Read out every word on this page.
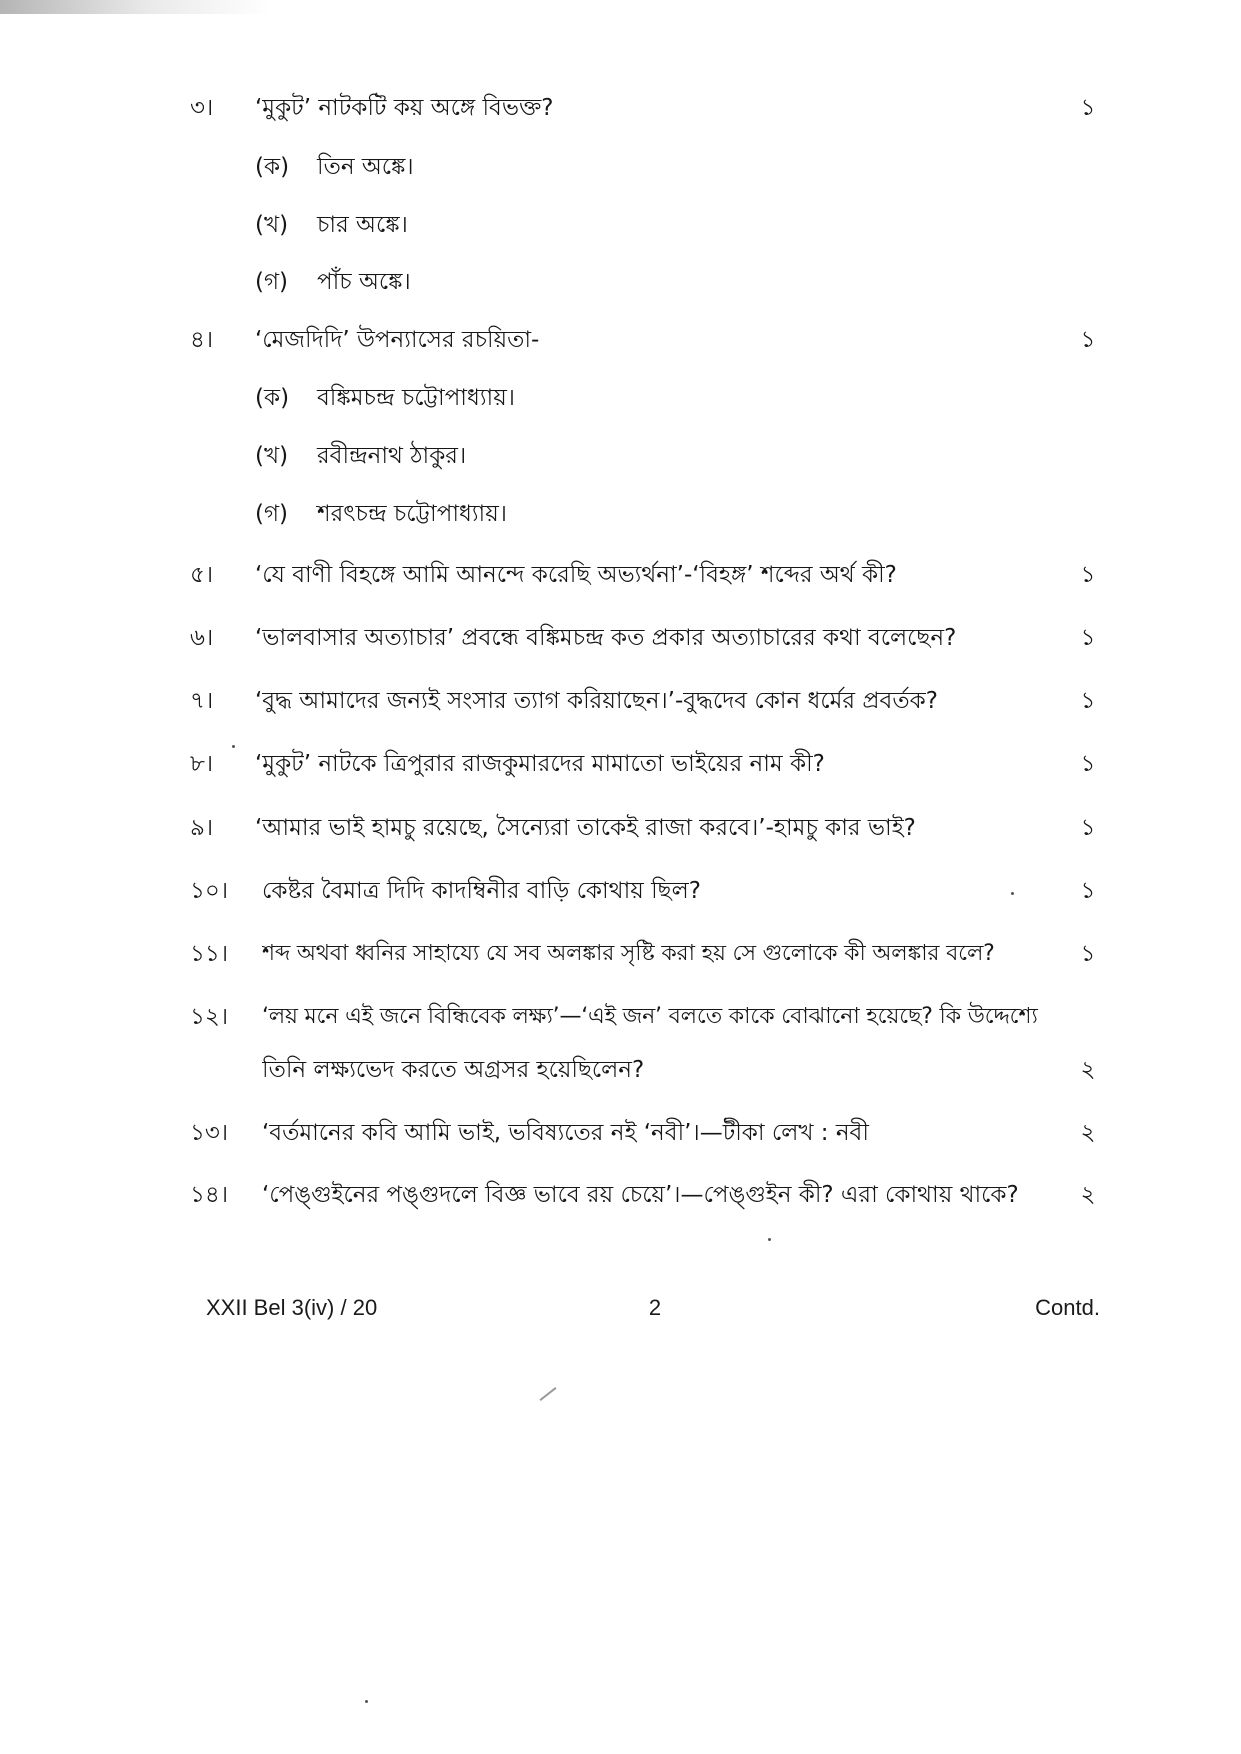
৩।	‘মুকুট’ নাটকটি কয় অঙ্গে বিভক্ত?	১
(ক)	তিন অঙ্কে।
(খ)	চার অঙ্কে।
(গ)	পাঁচ অঙ্কে।
৪।	‘মেজদিদি’ উপন্যাসের রচয়িতা-	১
(ক)	বঙ্কিমচন্দ্র চট্টোপাধ্যায়।
(খ)	রবীন্দ্রনাথ ঠাকুর।
(গ)	শরৎচন্দ্র চট্টোপাধ্যায়।
৫।	‘যে বাণী বিহঙ্গে আমি আনন্দে করেছি অভ্যর্থনা’-‘বিহঙ্গ’ শব্দের অর্থ কী?	১
৬।	‘ভালবাসার অত্যাচার’ প্রবন্ধে বঙ্কিমচন্দ্র কত প্রকার অত্যাচারের কথা বলেছেন?	১
৭।	‘বুদ্ধ আমাদের জন্যই সংসার ত্যাগ করিয়াছেন।’-বুদ্ধদেব কোন ধর্মের প্রবর্তক?	১
৮।	‘মুকুট’ নাটকে ত্রিপুরার রাজকুমারদের মামাতো ভাইয়ের নাম কী?	১
৯।	‘আমার ভাই হামচু রয়েছে, সৈন্যেরা তাকেই রাজা করবে।’-হামচু কার ভাই?	১
১০।	কেষ্টর বৈমাত্র দিদি কাদম্বিনীর বাড়ি কোথায় ছিল?	১
১১।	শব্দ অথবা ধ্বনির সাহায্যে যে সব অলঙ্কার সৃষ্টি করা হয় সে গুলোকে কী অলঙ্কার বলে?	১
১২।	‘লয় মনে এই জনে বিন্ধিবেক লক্ষ্য’—‘এই জন’ বলতে কাকে বোঝানো হয়েছে? কি উদ্দেশ্যে
তিনি লক্ষ্যভেদ করতে অগ্রসর হয়েছিলেন?	২
১৩।	‘বর্তমানের কবি আমি ভাই, ভবিষ্যতের নই ‘নবী’।—টীকা লেখ : নবী	২
১৪।	‘পেঙ্গুইনের পঙ্গুদলে বিজ্ঞ ভাবে রয় চেয়ে’।—পেঙ্গুইন কী? এরা কোথায় থাকে?	২
XXII Bel 3(iv) / 20	2	Contd.
